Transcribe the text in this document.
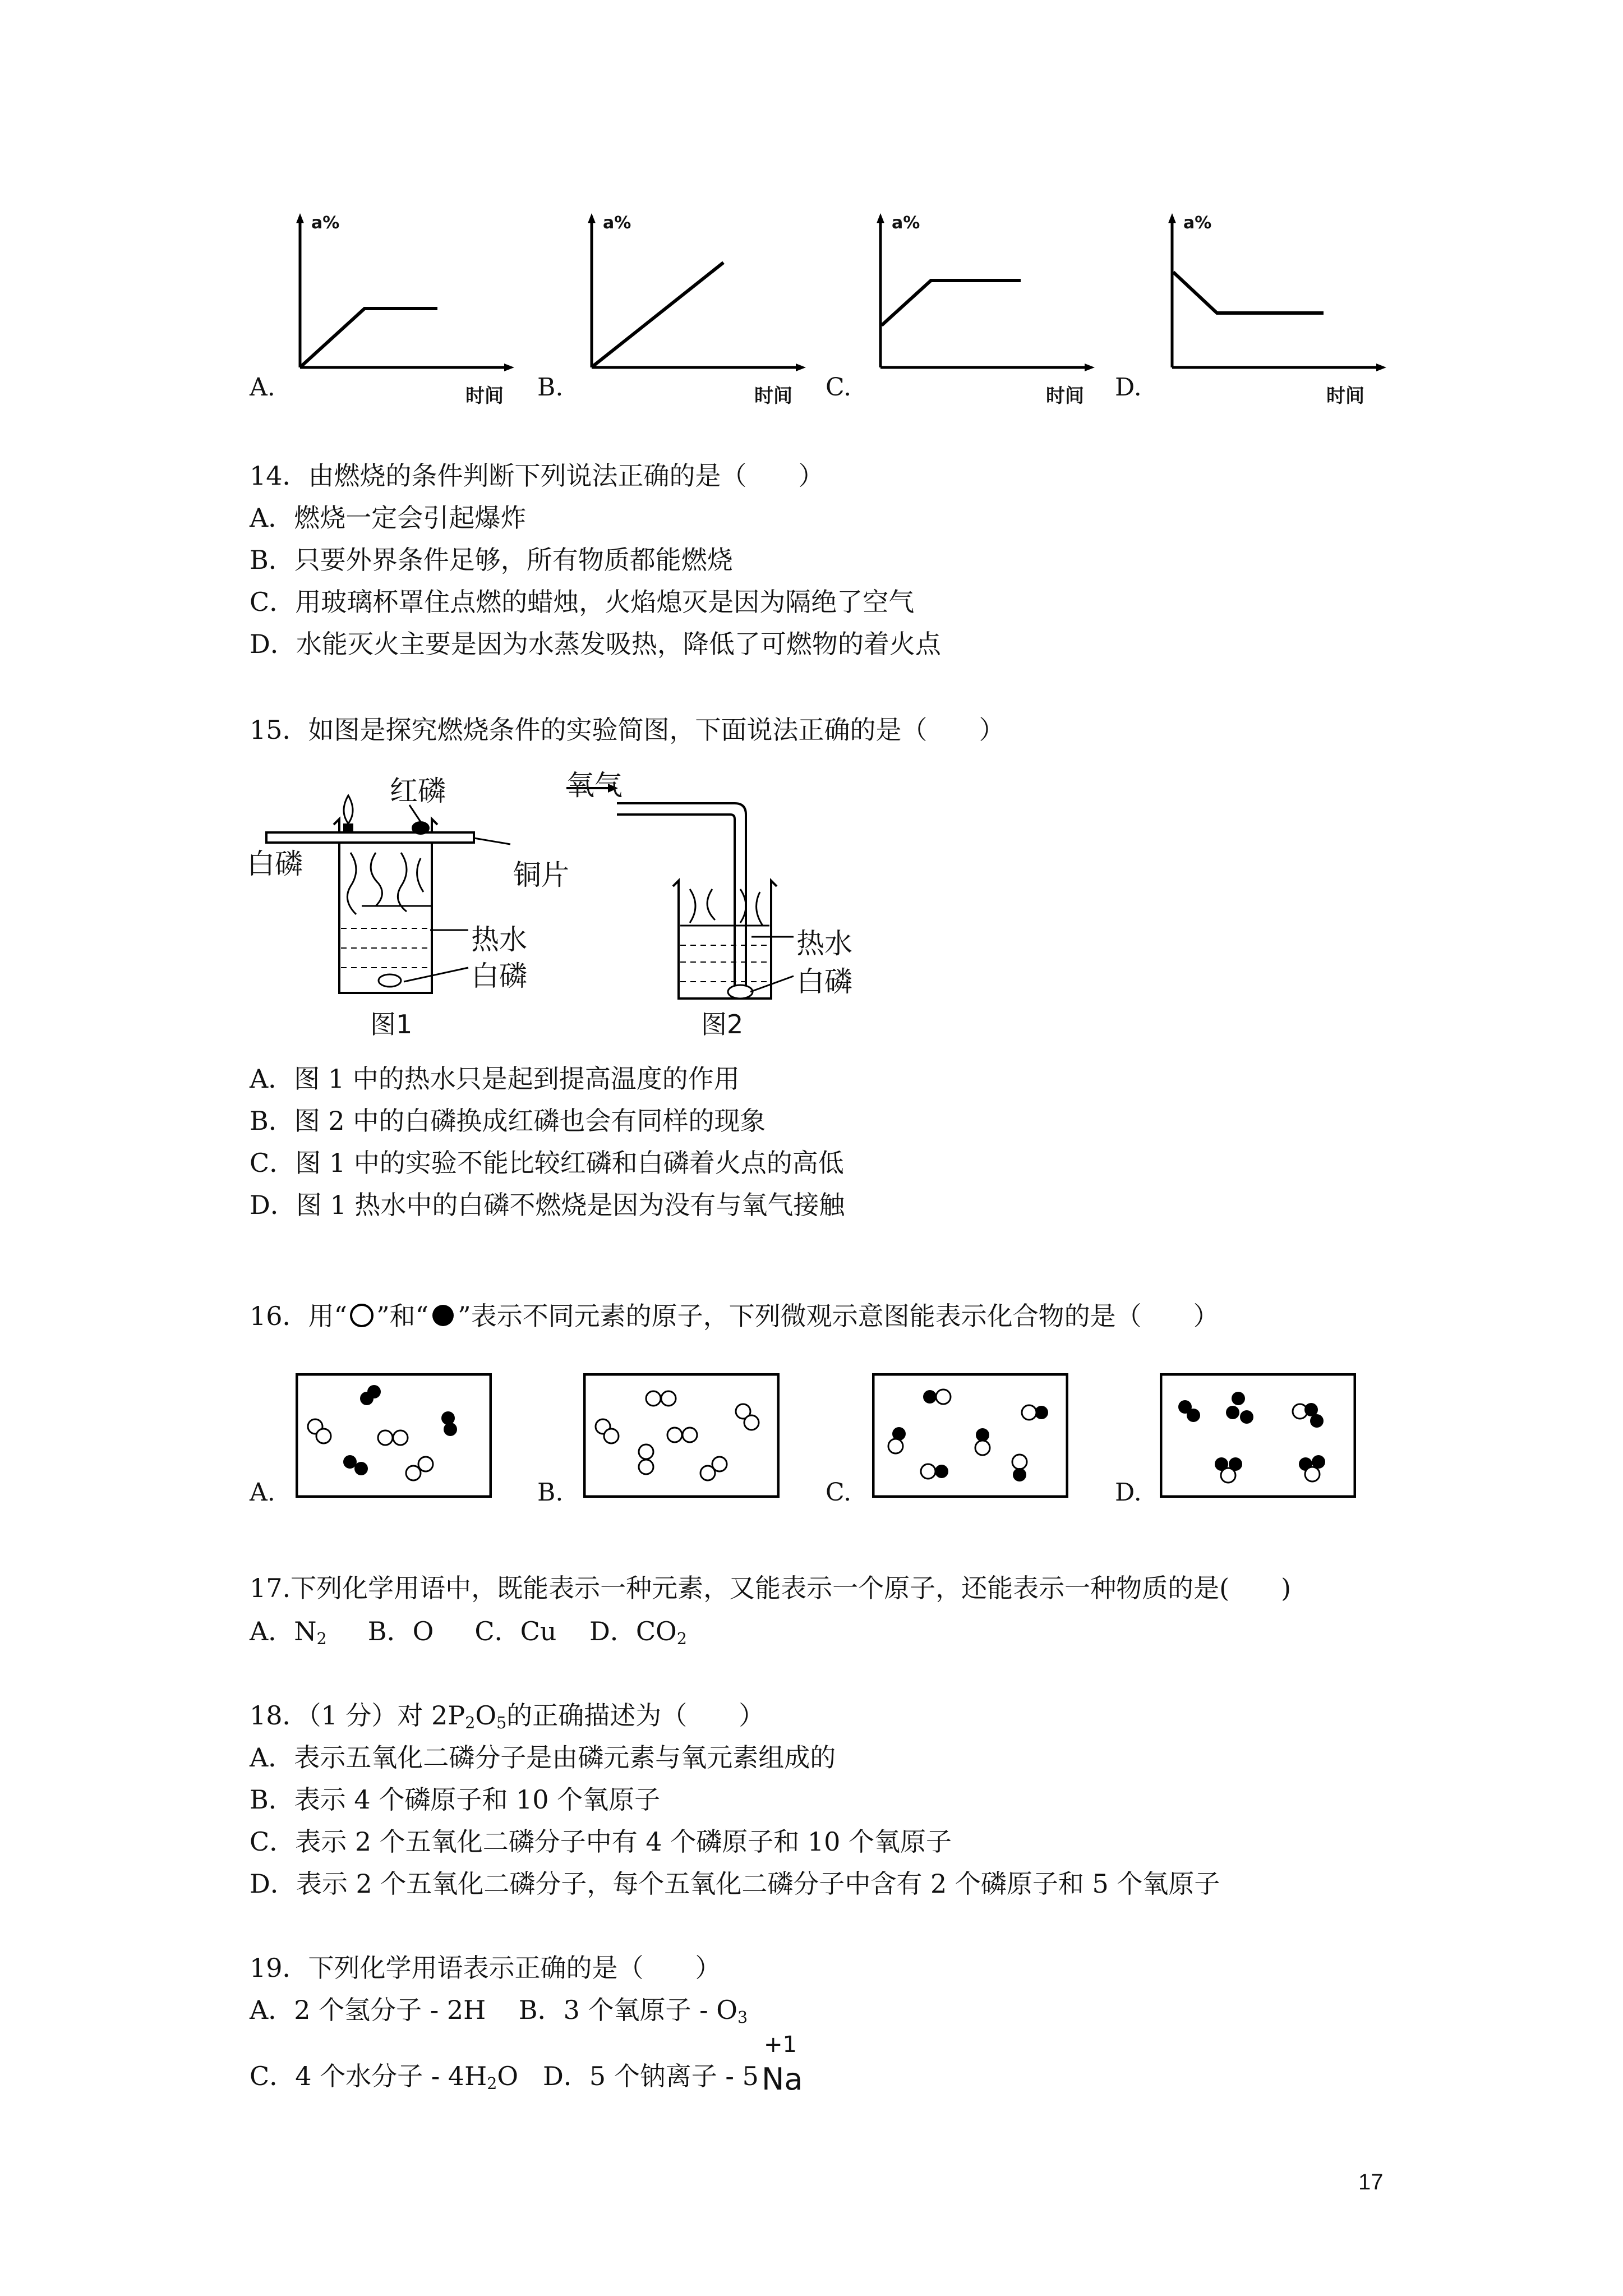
a%
时间
A.
a%
时间
B.
a%
时间
C.
a%
时间
D.
14．由燃烧的条件判断下列说法正确的是（　　）
A．燃烧一定会引起爆炸
B．只要外界条件足够，所有物质都能燃烧
C．用玻璃杯罩住点燃的蜡烛，火焰熄灭是因为隔绝了空气
D．水能灭火主要是因为水蒸发吸热，降低了可燃物的着火点
15．如图是探究燃烧条件的实验简图，下面说法正确的是（　　）
红磷
白磷	铜片
热水
白磷
图1
氧气
热水
白磷
图2
A．图 1 中的热水只是起到提高温度的作用
B．图 2 中的白磷换成红磷也会有同样的现象
C．图 1 中的实验不能比较红磷和白磷着火点的高低
D．图 1 热水中的白磷不燃烧是因为没有与氧气接触
16．用“ ”和“ ”表示不同元素的原子，下列微观示意图能表示化合物的是（　　）
A.	B.	C.	D.
17.下列化学用语中，既能表示一种元素，又能表示一个原子，还能表示一种物质的是(　　)
A．$N_2$ B．O C．Cu D．$CO_2$
18．（1 分）对 $2P_2O_5$的正确描述为（　　）
A．表示五氧化二磷分子是由磷元素与氧元素组成的
B．表示 4 个磷原子和 10 个氧原子
C．表示 2 个五氧化二磷分子中有 4 个磷原子和 10 个氧原子
D．表示 2 个五氧化二磷分子，每个五氧化二磷分子中含有 2 个磷原子和 5 个氧原子
19．下列化学用语表示正确的是（　　）
A．2 个氢分子 - 2H B．3 个氧原子 - $O_3$
C．4 个水分子 - $4H_2O$ D．5 个钠离子 - 5
+1
Na
17
